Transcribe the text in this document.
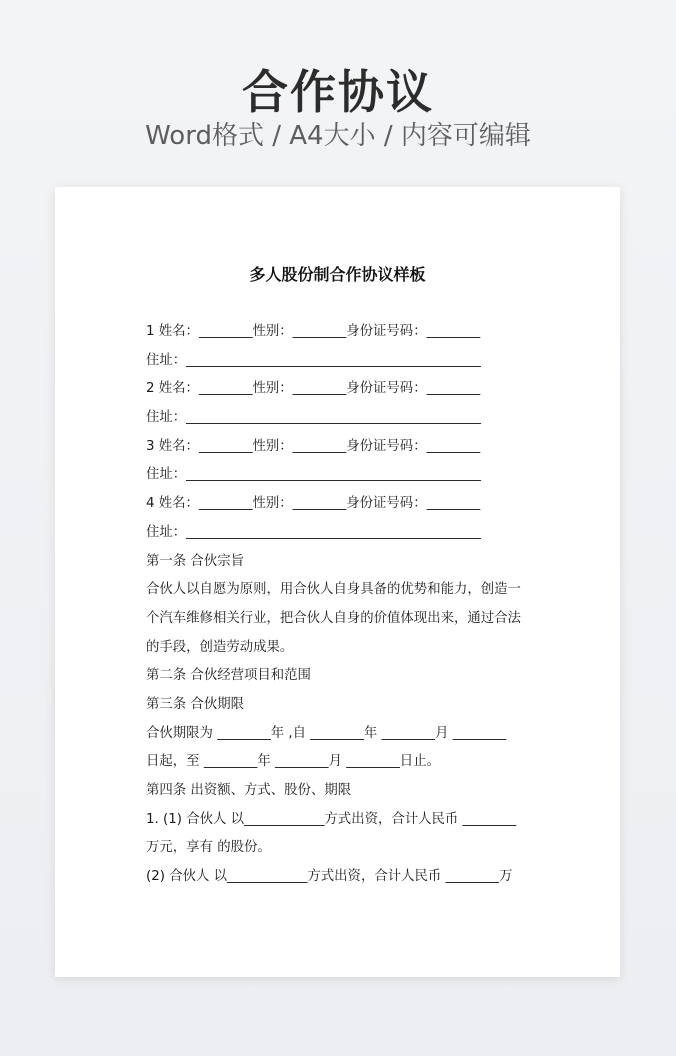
合作协议
Word格式 / A4大小 / 内容可编辑
多人股份制合作协议样板
1 姓名：________性别：________身份证号码：________
住址：____________________________________________
2 姓名：________性别：________身份证号码：________
住址：____________________________________________
3 姓名：________性别：________身份证号码：________
住址：____________________________________________
4 姓名：________性别：________身份证号码：________
住址：____________________________________________
第一条 合伙宗旨
合伙人以自愿为原则，用合伙人自身具备的优势和能力，创造一
个汽车维修相关行业，把合伙人自身的价值体现出来，通过合法
的手段，创造劳动成果。
第二条 合伙经营项目和范围
第三条 合伙期限
合伙期限为 ________年 ,自 ________年 ________月 ________
日起，至 ________年 ________月 ________日止。
第四条 出资额、方式、股份、期限
1. (1) 合伙人 以____________方式出资，合计人民币 ________
万元，享有 的股份。
(2) 合伙人 以____________方式出资，合计人民币 ________万
